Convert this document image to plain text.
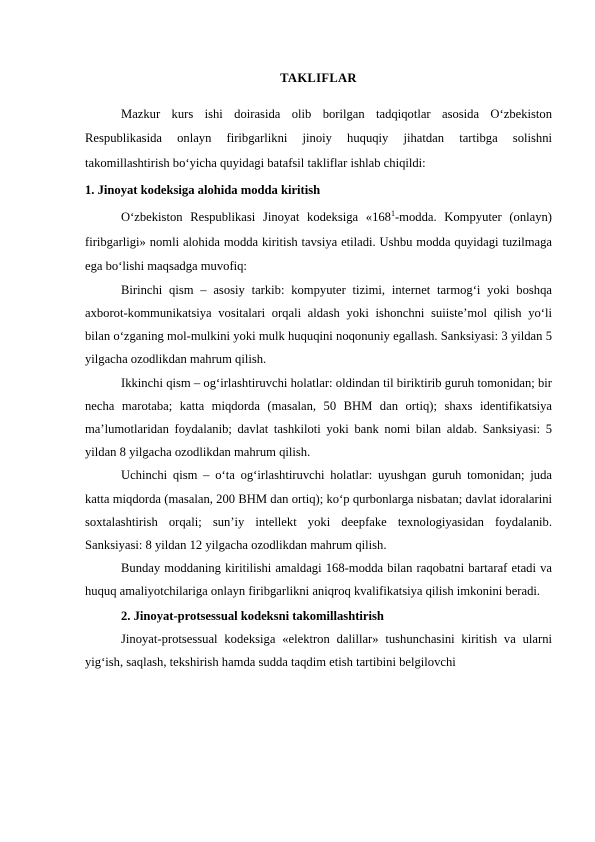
TAKLIFLAR

Mazkur kurs ishi doirasida olib borilgan tadqiqotlar asosida O‘zbekiston Respublikasida onlayn firibgarlikni jinoiy huquqiy jihatdan tartibga solishni takomillashtirish bo‘yicha quyidagi batafsil takliflar ishlab chiqildi:

1. Jinoyat kodeksiga alohida modda kiritish

O‘zbekiston Respublikasi Jinoyat kodeksiga «$168^1$-modda. Kompyuter (onlayn) firibgarligi» nomli alohida modda kiritish tavsiya etiladi. Ushbu modda quyidagi tuzilmaga ega bo‘lishi maqsadga muvofiq:

Birinchi qism – asosiy tarkib: kompyuter tizimi, internet tarmog‘i yoki boshqa axborot-kommunikatsiya vositalari orqali aldash yoki ishonchni suiiste’mol qilish yo‘li bilan o‘zganing mol-mulkini yoki mulk huquqini noqonuniy egallash. Sanksiyasi: 3 yildan 5 yilgacha ozodlikdan mahrum qilish.

Ikkinchi qism – og‘irlashtiruvchi holatlar: oldindan til biriktirib guruh tomonidan; bir necha marotaba; katta miqdorda (masalan, 50 BHM dan ortiq); shaxs identifikatsiya ma’lumotlaridan foydalanib; davlat tashkiloti yoki bank nomi bilan aldab. Sanksiyasi: 5 yildan 8 yilgacha ozodlikdan mahrum qilish.

Uchinchi qism – o‘ta og‘irlashtiruvchi holatlar: uyushgan guruh tomonidan; juda katta miqdorda (masalan, 200 BHM dan ortiq); ko‘p qurbonlarga nisbatan; davlat idoralarini soxtalashtirish orqali; sun’iy intellekt yoki deepfake texnologiyasidan foydalanib. Sanksiyasi: 8 yildan 12 yilgacha ozodlikdan mahrum qilish.

Bunday moddaning kiritilishi amaldagi 168-modda bilan raqobatni bartaraf etadi va huquq amaliyotchilariga onlayn firibgarlikni aniqroq kvalifikatsiya qilish imkonini beradi.

2. Jinoyat-protsessual kodeksni takomillashtirish

Jinoyat-protsessual kodeksiga «elektron dalillar» tushunchasini kiritish va ularni yig‘ish, saqlash, tekshirish hamda sudda taqdim etish tartibini belgilovchi
